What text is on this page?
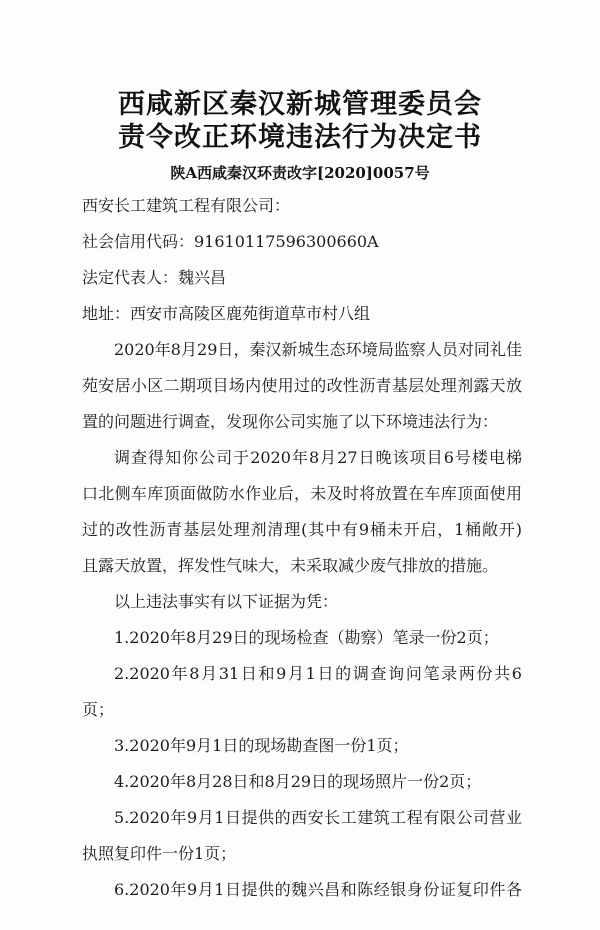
西咸新区秦汉新城管理委员会
责令改正环境违法行为决定书
陕A西咸秦汉环责改字[2020]0057号
西安长工建筑工程有限公司：
社会信用代码：91610117596300660A
法定代表人：魏兴昌
地址：西安市高陵区鹿苑街道草市村八组
2020年8月29日，秦汉新城生态环境局监察人员对同礼佳
苑安居小区二期项目场内使用过的改性沥青基层处理剂露天放
置的问题进行调查，发现你公司实施了以下环境违法行为：
调查得知你公司于2020年8月27日晚该项目6号楼电梯
口北侧车库顶面做防水作业后，未及时将放置在车库顶面使用
过的改性沥青基层处理剂清理(其中有9桶未开启，1桶敞开)
且露天放置，挥发性气味大，未采取减少废气排放的措施。
以上违法事实有以下证据为凭：
1.2020年8月29日的现场检查（勘察）笔录一份2页；
2.2020年8月31日和9月1日的调查询问笔录两份共6
页；
3.2020年9月1日的现场勘查图一份1页；
4.2020年8月28日和8月29日的现场照片一份2页；
5.2020年9月1日提供的西安长工建筑工程有限公司营业
执照复印件一份1页；
6.2020年9月1日提供的魏兴昌和陈经银身份证复印件各
